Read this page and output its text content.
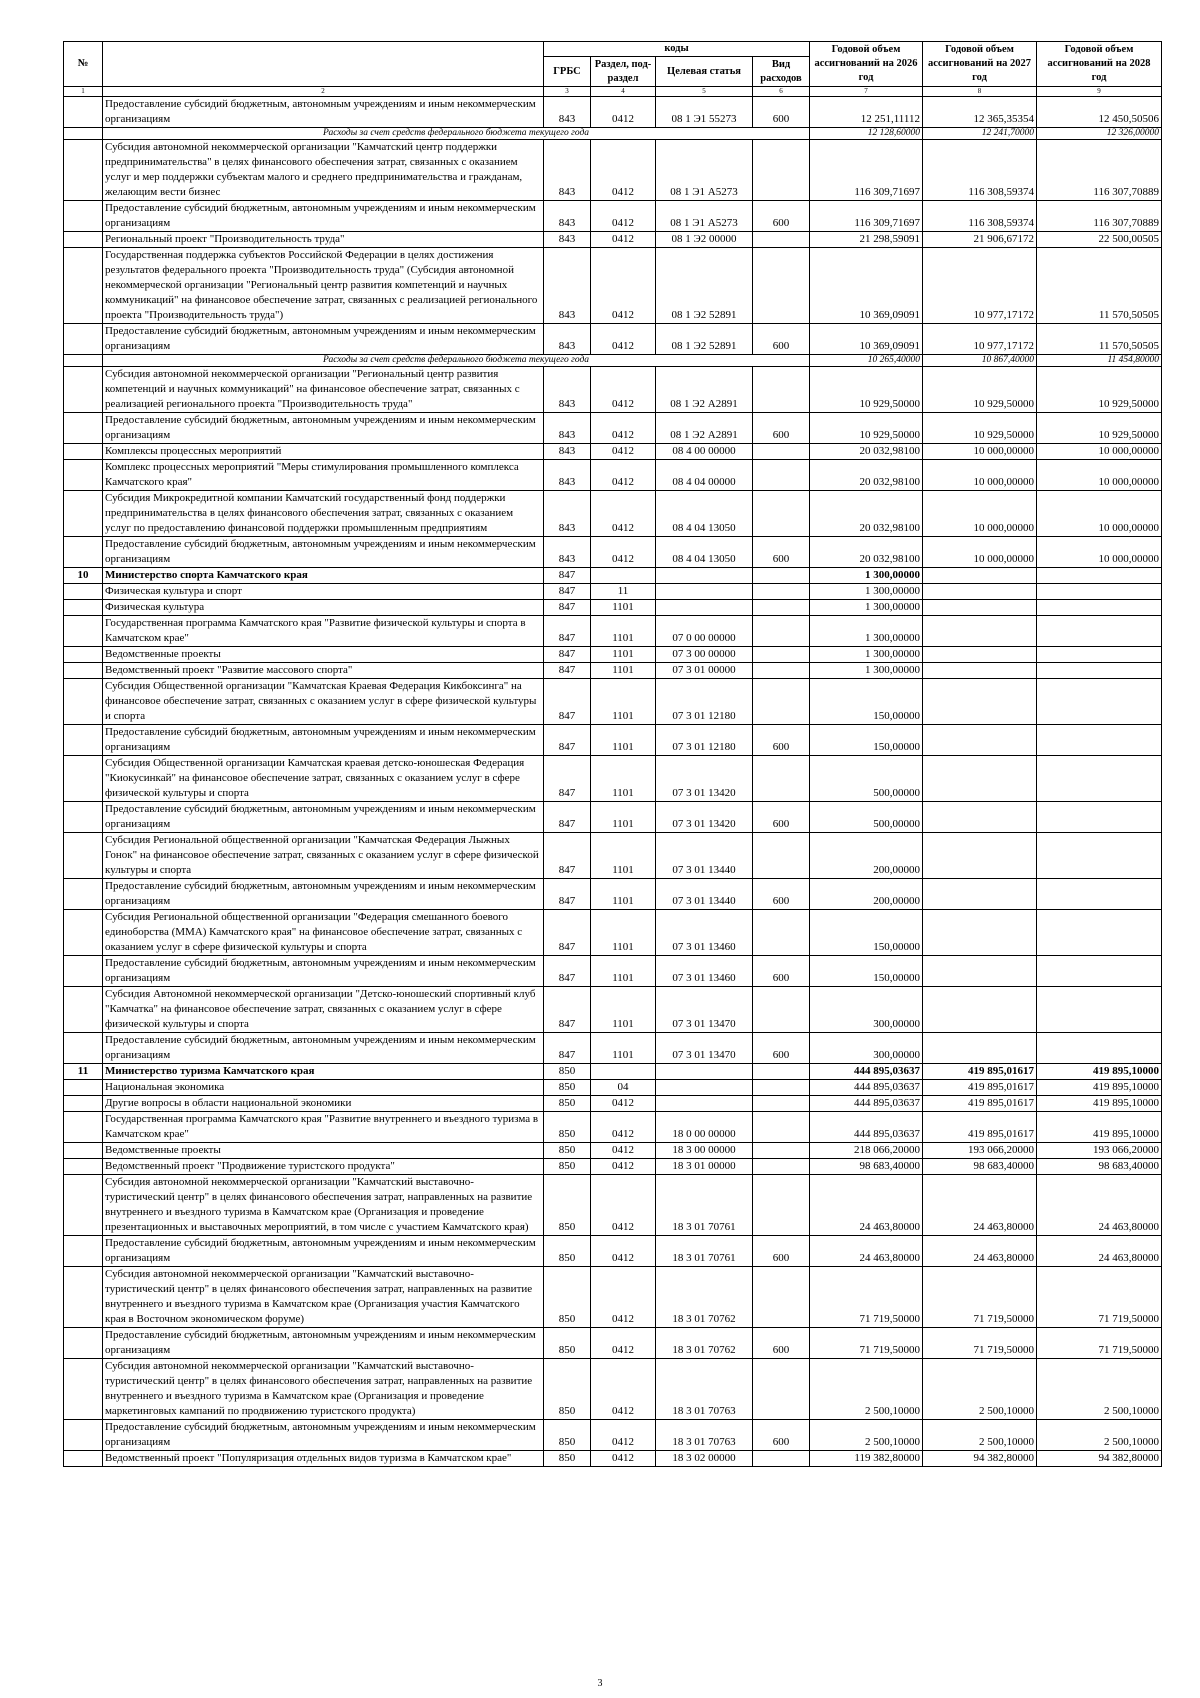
№		коды				Годовой объем ассигнований на 2026 год	Годовой объем ассигнований на 2027 год	Годовой объем ассигнований на 2028 год
		ГРБС	Раздел, под-раздел	Целевая статья	Вид расходов			
1	2	3	4	5	6	7	8	9
	Предоставление субсидий бюджетным, автономным учреждениям и иным некоммерческим организациям	843	0412	08 1 Э1 55273	600	12 251,11112	12 365,35354	12 450,50506
	Расходы за счет средств федерального бюджета текущего года					12 128,60000	12 241,70000	12 326,00000
	Субсидия автономной некоммерческой организации "Камчатский центр поддержки предпринимательства" в целях финансового обеспечения затрат, связанных с оказанием услуг и мер поддержки субъектам малого и среднего предпринимательства и гражданам, желающим вести бизнес	843	0412	08 1 Э1 А5273		116 309,71697	116 308,59374	116 307,70889
	Предоставление субсидий бюджетным, автономным учреждениям и иным некоммерческим организациям	843	0412	08 1 Э1 А5273	600	116 309,71697	116 308,59374	116 307,70889
	Региональный проект "Производительность труда"	843	0412	08 1 Э2 00000		21 298,59091	21 906,67172	22 500,00505
	Государственная поддержка субъектов Российской Федерации в целях достижения результатов федерального проекта "Производительность труда" (Субсидия автономной некоммерческой организации "Региональный центр развития компетенций и научных коммуникаций" на финансовое обеспечение затрат, связанных с реализацией регионального проекта "Производительность труда")	843	0412	08 1 Э2 52891		10 369,09091	10 977,17172	11 570,50505
	Предоставление субсидий бюджетным, автономным учреждениям и иным некоммерческим организациям	843	0412	08 1 Э2 52891	600	10 369,09091	10 977,17172	11 570,50505
	Расходы за счет средств федерального бюджета текущего года					10 265,40000	10 867,40000	11 454,80000
	Субсидия автономной некоммерческой организации "Региональный центр развития компетенций и научных коммуникаций" на финансовое обеспечение затрат, связанных с реализацией регионального проекта "Производительность труда"	843	0412	08 1 Э2 А2891		10 929,50000	10 929,50000	10 929,50000
	Предоставление субсидий бюджетным, автономным учреждениям и иным некоммерческим организациям	843	0412	08 1 Э2 А2891	600	10 929,50000	10 929,50000	10 929,50000
	Комплексы процессных мероприятий	843	0412	08 4 00 00000		20 032,98100	10 000,00000	10 000,00000
	Комплекс процессных мероприятий "Меры стимулирования промышленного комплекса Камчатского края"	843	0412	08 4 04 00000		20 032,98100	10 000,00000	10 000,00000
	Субсидия Микрокредитной компании Камчатский государственный фонд поддержки предпринимательства в целях финансового обеспечения затрат, связанных с оказанием услуг по предоставлению финансовой поддержки промышленным предприятиям	843	0412	08 4 04 13050		20 032,98100	10 000,00000	10 000,00000
	Предоставление субсидий бюджетным, автономным учреждениям и иным некоммерческим организациям	843	0412	08 4 04 13050	600	20 032,98100	10 000,00000	10 000,00000
10	Министерство спорта Камчатского края	847				1 300,00000		
	Физическая культура и спорт	847	11			1 300,00000		
	Физическая культура	847	1101			1 300,00000		
	Государственная программа Камчатского края "Развитие физической культуры и спорта в Камчатском крае"	847	1101	07 0 00 00000		1 300,00000		
	Ведомственные проекты	847	1101	07 3 00 00000		1 300,00000		
	Ведомственный проект "Развитие массового спорта"	847	1101	07 3 01 00000		1 300,00000		
	Субсидия Общественной организации "Камчатская Краевая Федерация Кикбоксинга" на финансовое обеспечение затрат, связанных с оказанием услуг в сфере физической культуры и спорта	847	1101	07 3 01 12180		150,00000		
	Предоставление субсидий бюджетным, автономным учреждениям и иным некоммерческим организациям	847	1101	07 3 01 12180	600	150,00000		
	Субсидия Общественной организации Камчатская краевая детско-юношеская Федерация "Киокусинкай" на финансовое обеспечение затрат, связанных с оказанием услуг в сфере физической культуры и спорта	847	1101	07 3 01 13420		500,00000		
	Предоставление субсидий бюджетным, автономным учреждениям и иным некоммерческим организациям	847	1101	07 3 01 13420	600	500,00000		
	Субсидия Региональной общественной организации "Камчатская Федерация Лыжных Гонок" на финансовое обеспечение затрат, связанных с оказанием услуг в сфере физической культуры и спорта	847	1101	07 3 01 13440		200,00000		
	Предоставление субсидий бюджетным, автономным учреждениям и иным некоммерческим организациям	847	1101	07 3 01 13440	600	200,00000		
	Субсидия Региональной общественной организации "Федерация смешанного боевого единоборства (ММА) Камчатского края" на финансовое обеспечение затрат, связанных с оказанием услуг в сфере физической культуры и спорта	847	1101	07 3 01 13460		150,00000		
	Предоставление субсидий бюджетным, автономным учреждениям и иным некоммерческим организациям	847	1101	07 3 01 13460	600	150,00000		
	Субсидия Автономной некоммерческой организации "Детско-юношеский спортивный клуб "Камчатка" на финансовое обеспечение затрат, связанных с оказанием услуг в сфере физической культуры и спорта	847	1101	07 3 01 13470		300,00000		
	Предоставление субсидий бюджетным, автономным учреждениям и иным некоммерческим организациям	847	1101	07 3 01 13470	600	300,00000		
11	Министерство туризма Камчатского края	850				444 895,03637	419 895,01617	419 895,10000
	Национальная экономика	850	04			444 895,03637	419 895,01617	419 895,10000
	Другие вопросы в области национальной экономики	850	0412			444 895,03637	419 895,01617	419 895,10000
	Государственная программа Камчатского края "Развитие внутреннего и въездного туризма в Камчатском крае"	850	0412	18 0 00 00000		444 895,03637	419 895,01617	419 895,10000
	Ведомственные проекты	850	0412	18 3 00 00000		218 066,20000	193 066,20000	193 066,20000
	Ведомственный проект "Продвижение туристского продукта"	850	0412	18 3 01 00000		98 683,40000	98 683,40000	98 683,40000
	Субсидия автономной некоммерческой организации "Камчатский выставочно-туристический центр" в целях финансового обеспечения затрат, направленных на развитие внутреннего и въездного туризма в Камчатском крае (Организация и проведение презентационных и выставочных мероприятий, в том числе с участием Камчатского края)	850	0412	18 3 01 70761		24 463,80000	24 463,80000	24 463,80000
	Предоставление субсидий бюджетным, автономным учреждениям и иным некоммерческим организациям	850	0412	18 3 01 70761	600	24 463,80000	24 463,80000	24 463,80000
	Субсидия автономной некоммерческой организации "Камчатский выставочно-туристический центр" в целях финансового обеспечения затрат, направленных на развитие внутреннего и въездного туризма в Камчатском крае (Организация участия Камчатского края в Восточном экономическом форуме)	850	0412	18 3 01 70762		71 719,50000	71 719,50000	71 719,50000
	Предоставление субсидий бюджетным, автономным учреждениям и иным некоммерческим организациям	850	0412	18 3 01 70762	600	71 719,50000	71 719,50000	71 719,50000
	Субсидия автономной некоммерческой организации "Камчатский выставочно-туристический центр" в целях финансового обеспечения затрат, направленных на развитие внутреннего и въездного туризма в Камчатском крае (Организация и проведение маркетинговых кампаний по продвижению туристского продукта)	850	0412	18 3 01 70763		2 500,10000	2 500,10000	2 500,10000
	Предоставление субсидий бюджетным, автономным учреждениям и иным некоммерческим организациям	850	0412	18 3 01 70763	600	2 500,10000	2 500,10000	2 500,10000
	Ведомственный проект "Популяризация отдельных видов туризма в Камчатском крае"	850	0412	18 3 02 00000		119 382,80000	94 382,80000	94 382,80000
3
